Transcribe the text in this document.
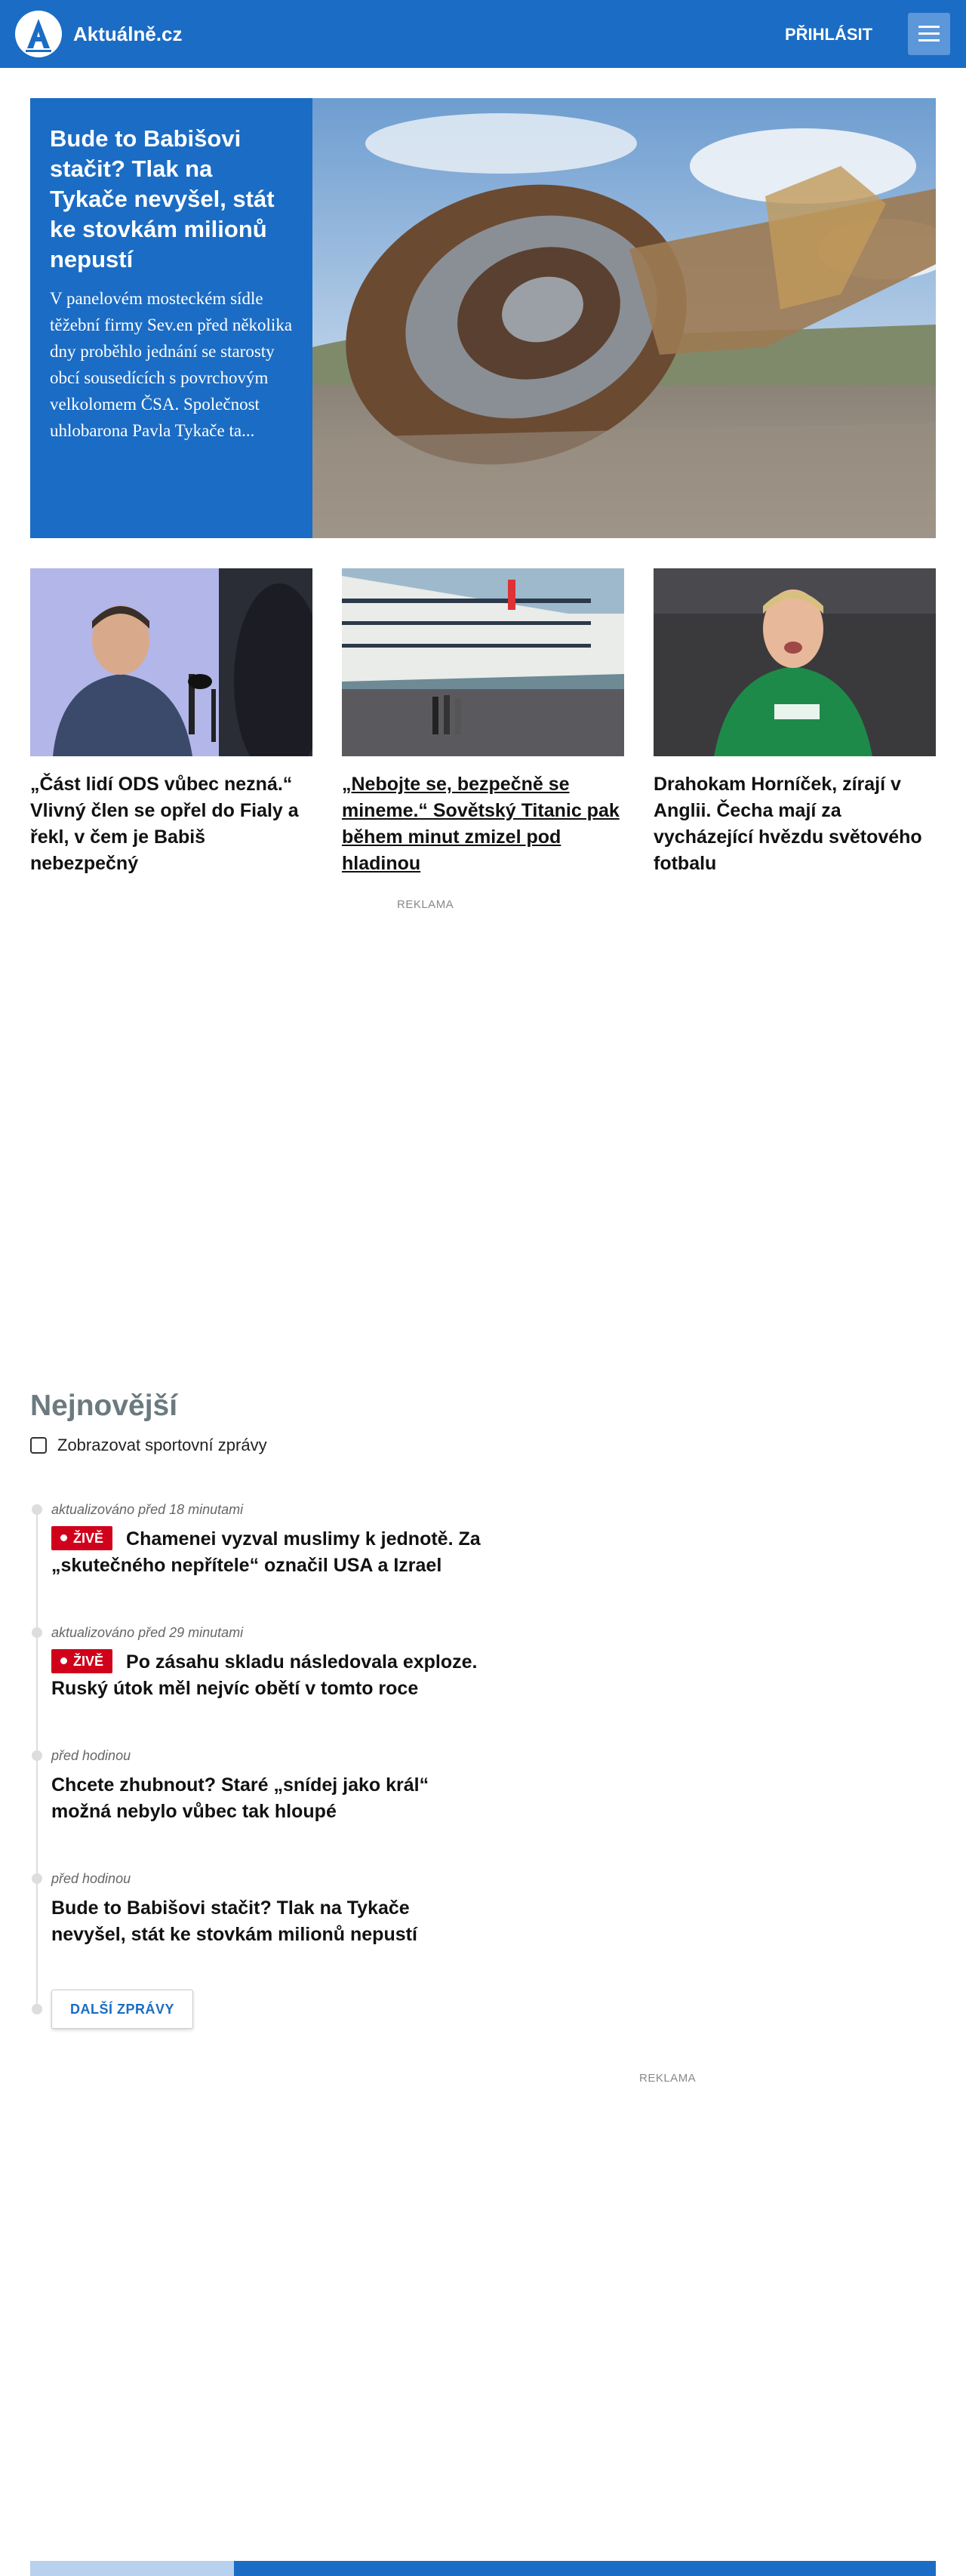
Aktuálně.cz	PŘIHLÁSIT
Bude to Babišovi stačit? Tlak na Tykače nevyšel, stát ke stovkám milionů nepustí
V panelovém mosteckém sídle těžební firmy Sev.en před několika dny proběhlo jednání se starosty obcí sousedících s povrchovým velkolomem ČSA. Společnost uhlobarona Pavla Tykače ta...
„Část lidí ODS vůbec nezná.“ Vlivný člen se opřel do Fialy a řekl, v čem je Babiš nebezpečný
„Nebojte se, bezpečně se mineme.“ Sovětský Titanic pak během minut zmizel pod hladinou
Drahokam Horníček, zírají v Anglii. Čecha mají za vycházející hvězdu světového fotbalu
REKLAMA
Nejnovější
Zobrazovat sportovní zprávy
aktualizováno před 18 minutami
ŽIVĚ Chamenei vyzval muslimy k jednotě. Za „skutečného nepřítele“ označil USA a Izrael
aktualizováno před 29 minutami
ŽIVĚ Po zásahu skladu následovala exploze. Ruský útok měl nejvíc obětí v tomto roce
před hodinou
Chcete zhubnout? Staré „snídej jako král“ možná nebylo vůbec tak hloupé
před hodinou
Bude to Babišovi stačit? Tlak na Tykače nevyšel, stát ke stovkám milionů nepustí
DALŠÍ ZPRÁVY
REKLAMA
